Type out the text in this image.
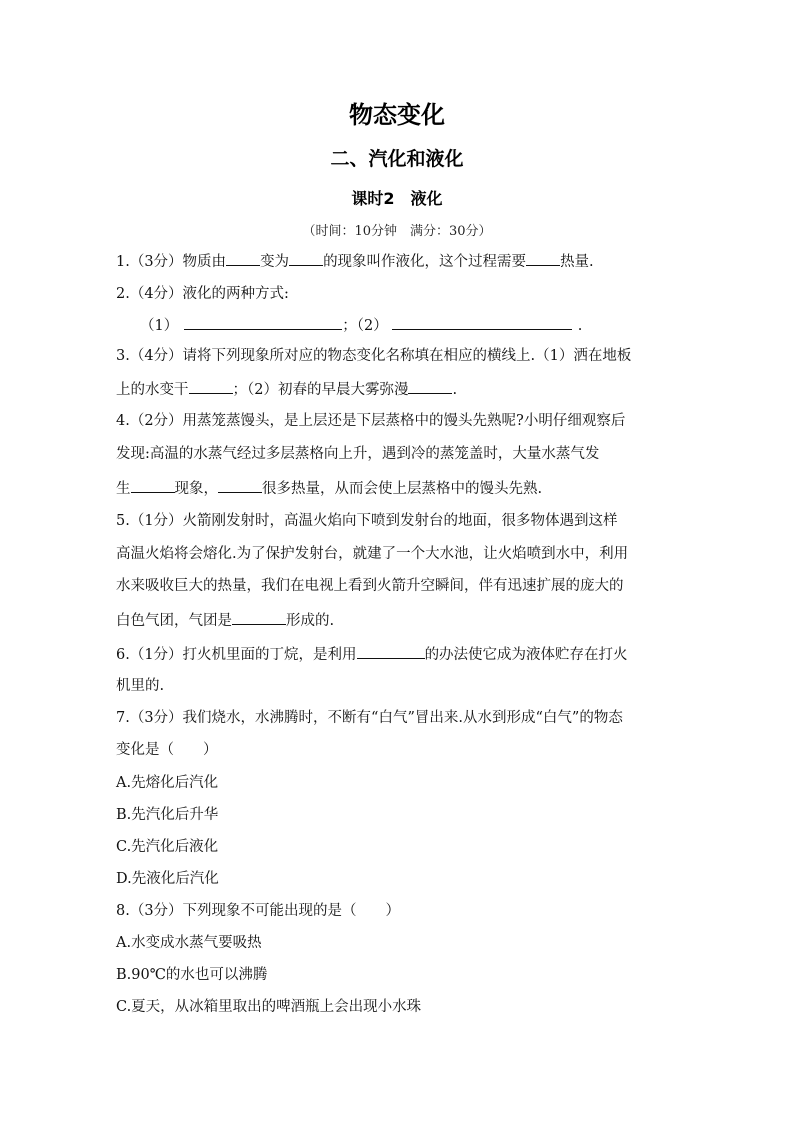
物态变化
二、汽化和液化
课时2　液化
（时间：10分钟　满分：30分）
1.（3分）物质由 变为 的现象叫作液化，这个过程需要 热量.
2.（4分）液化的两种方式:
（1）	；（2）	.
3.（4分）请将下列现象所对应的物态变化名称填在相应的横线上.（1）洒在地板
上的水变干	；（2）初春的早晨大雾弥漫	.
4.（2分）用蒸笼蒸馒头，是上层还是下层蒸格中的馒头先熟呢?小明仔细观察后
发现:高温的水蒸气经过多层蒸格向上升，遇到冷的蒸笼盖时，大量水蒸气发
生	现象，	很多热量，从而会使上层蒸格中的馒头先熟.
5.（1分）火箭刚发射时，高温火焰向下喷到发射台的地面，很多物体遇到这样
高温火焰将会熔化.为了保护发射台，就建了一个大水池，让火焰喷到水中，利用
水来吸收巨大的热量，我们在电视上看到火箭升空瞬间，伴有迅速扩展的庞大的
白色气团，气团是	形成的.
6.（1分）打火机里面的丁烷，是利用	的办法使它成为液体贮存在打火
机里的.
7.（3分）我们烧水，水沸腾时，不断有“白气”冒出来.从水到形成“白气”的物态
变化是（　　）
A.先熔化后汽化
B.先汽化后升华
C.先汽化后液化
D.先液化后汽化
8.（3分）下列现象不可能出现的是（　　）
A.水变成水蒸气要吸热
B.90℃的水也可以沸腾
C.夏天，从冰箱里取出的啤酒瓶上会出现小水珠
